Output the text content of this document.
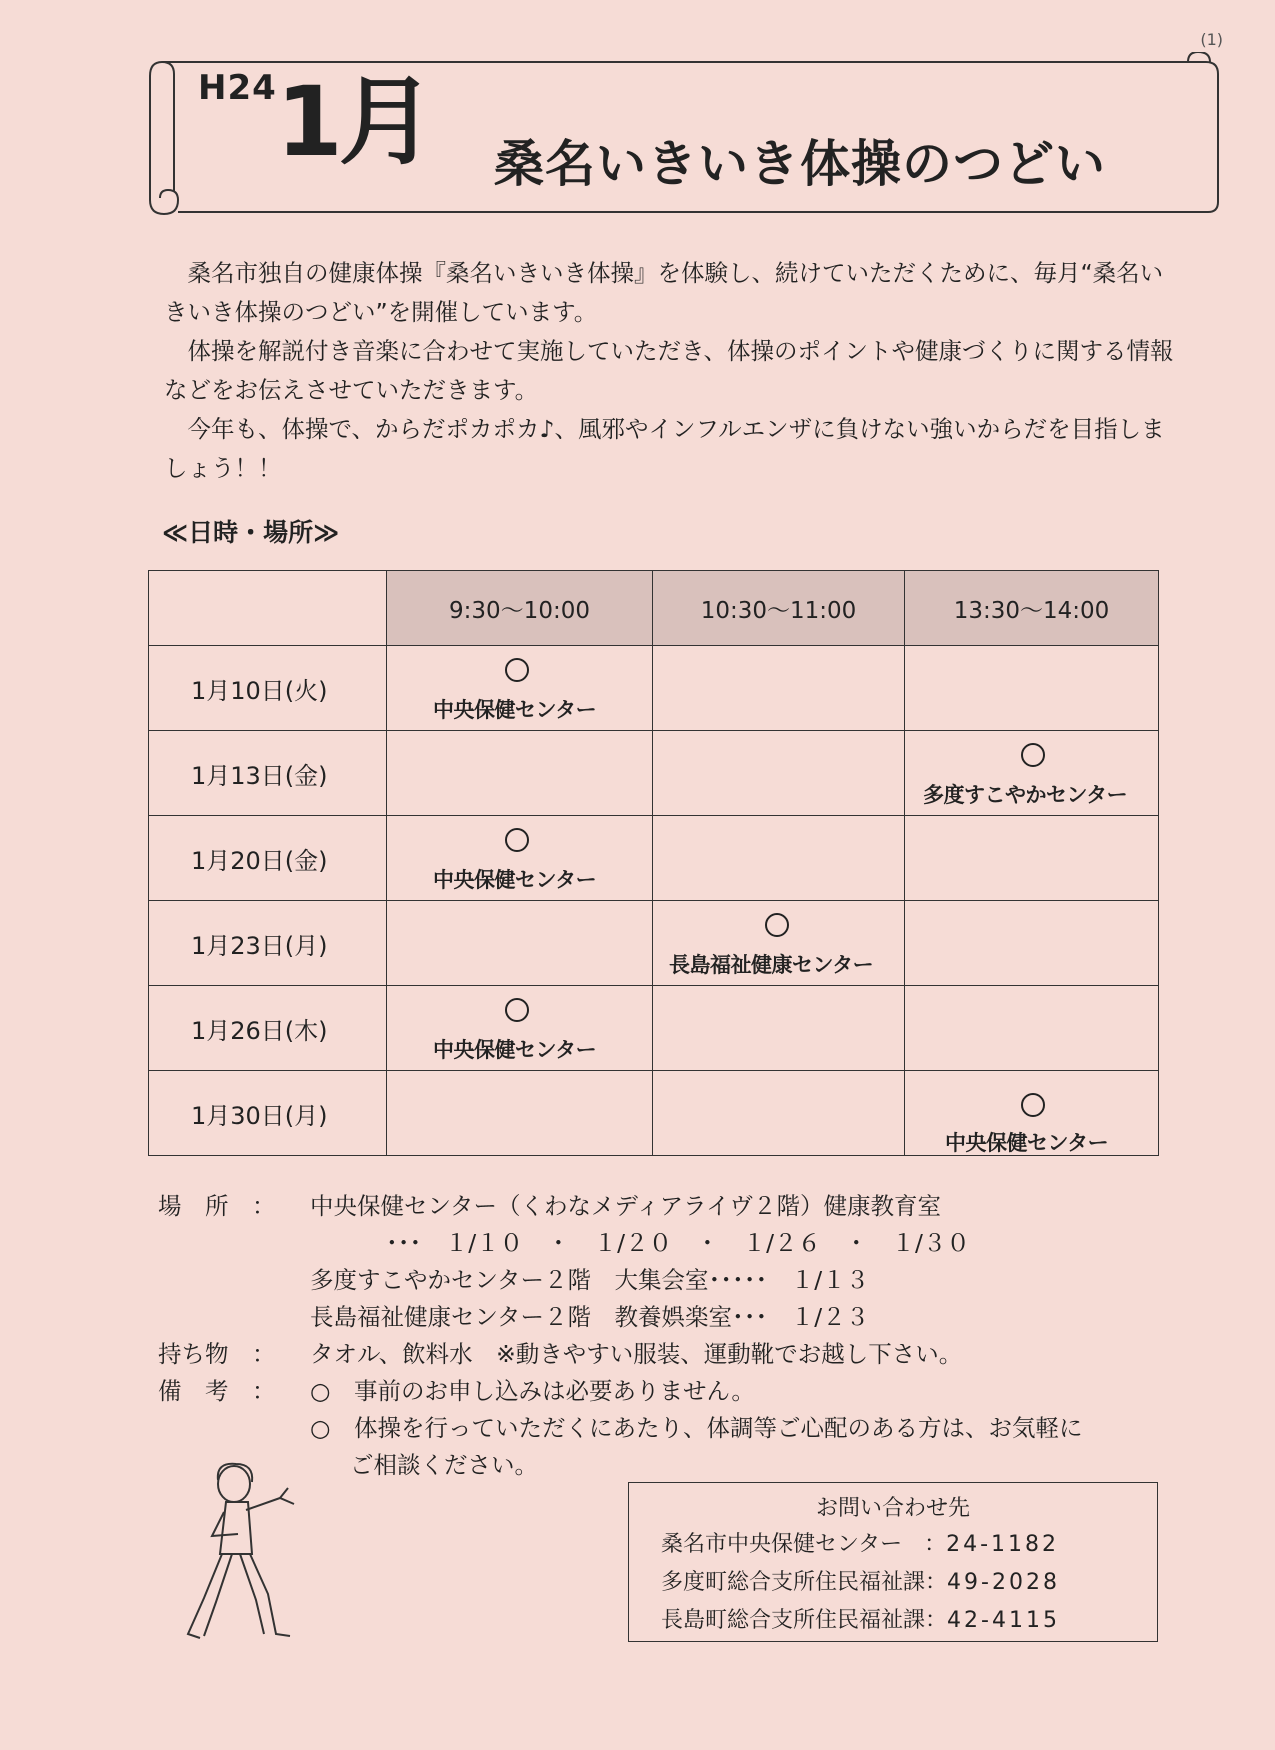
H24 1月 桑名いきいき体操のつどい
(1)

桑名市独自の健康体操『桑名いきいき体操』を体験し、続けていただくために、毎月“桑名いきいき体操のつどい”を開催しています。

体操を解説付き音楽に合わせて実施していただき、体操のポイントや健康づくりに関する情報などをお伝えさせていただきます。

今年も、体操で、からだポカポカ♪、風邪やインフルエンザに負けない強いからだを目指しましょう！！

≪日時・場所≫
	9:30～10:00	10:30～11:00	13:30～14:00
1月10日(火)	中央保健センター		

1月13日(金)			多度すこやかセンター

1月20日(金)	中央保健センター		

1月23日(月)		長島福祉健康センター	

1月26日(木)	中央保健センター		

1月30日(月)			中央保健センター
場　所　： 中央保健センター（くわなメディアライヴ２階）健康教育室
･･･　１/１０　・　１/２０　・　１/２６　・　１/３０
多度すこやかセンター２階　大集会室･････　１/１３
長島福祉健康センター２階　教養娯楽室･･･　１/２３
持ち物　： タオル、飲料水　※動きやすい服装、運動靴でお越し下さい。
備　考　： ○　事前のお申し込みは必要ありません。
○　体操を行っていただくにあたり、体調等ご心配のある方は、お気軽に
ご相談ください。
お問い合わせ先
桑名市中央保健センター　：24-1182
多度町総合支所住民福祉課：49-2028
長島町総合支所住民福祉課：42-4115
